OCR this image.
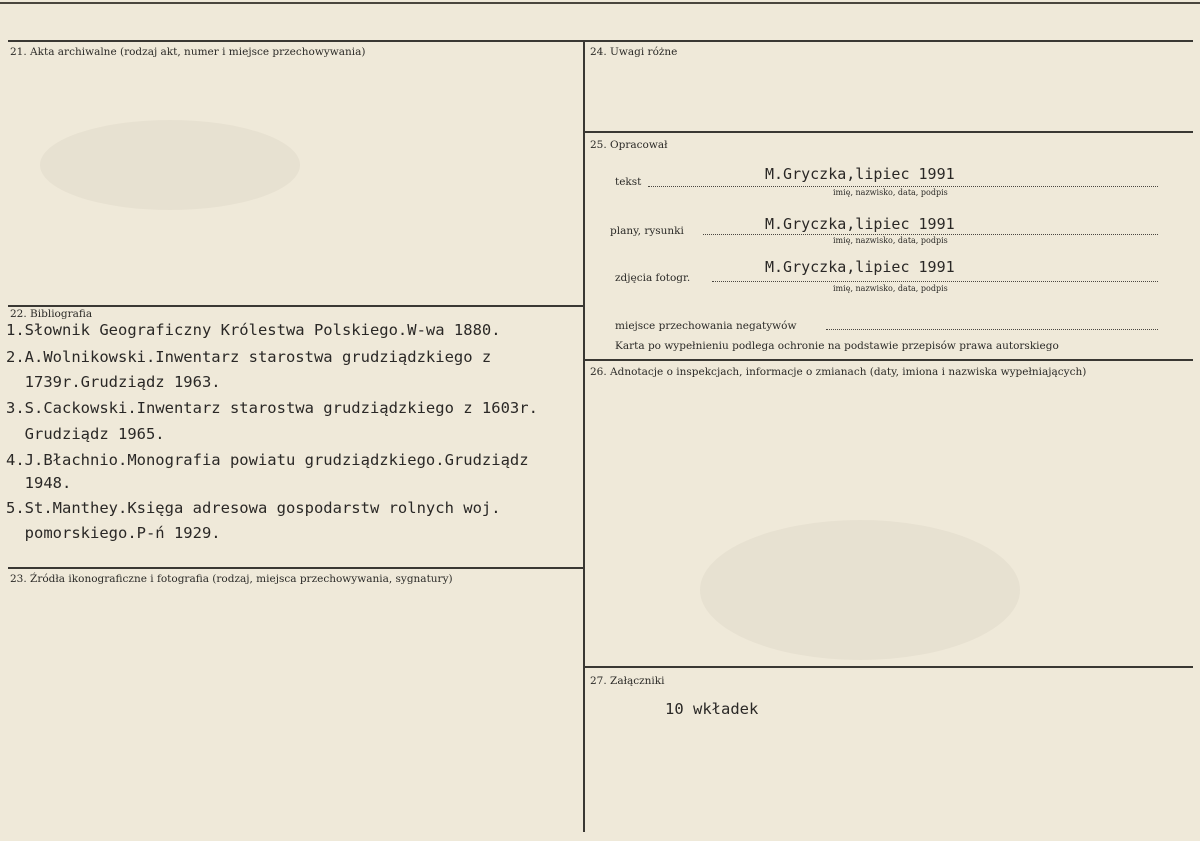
21. Akta archiwalne (rodzaj akt, numer i miejsce przechowywania)
22. Bibliografia
1.Słownik Geograficzny Królestwa Polskiego.W-wa 1880.
2.A.Wolnikowski.Inwentarz starostwa grudziądzkiego z
1739r.Grudziądz 1963.
3.S.Cackowski.Inwentarz starostwa grudziądzkiego z 1603r.
Grudziądz 1965.
4.J.Błachnio.Monografia powiatu grudziądzkiego.Grudziądz
1948.
5.St.Manthey.Księga adresowa gospodarstw rolnych woj.
pomorskiego.P-ń 1929.
23. Źródła ikonograficzne i fotografia (rodzaj, miejsca przechowywania, sygnatury)
24. Uwagi różne
25. Opracował
tekst	M.Gryczka,lipiec 1991
imię, nazwisko, data, podpis
plany, rysunki	M.Gryczka,lipiec 1991
imię, nazwisko, data, podpis
zdjęcia fotogr.
M.Gryczka,lipiec 1991
imię, nazwisko, data, podpis
miejsce przechowania negatywów
Karta po wypełnieniu podlega ochronie na podstawie przepisów prawa autorskiego
26. Adnotacje o inspekcjach, informacje o zmianach (daty, imiona i nazwiska wypełniających)
27. Załączniki
10 wkładek
